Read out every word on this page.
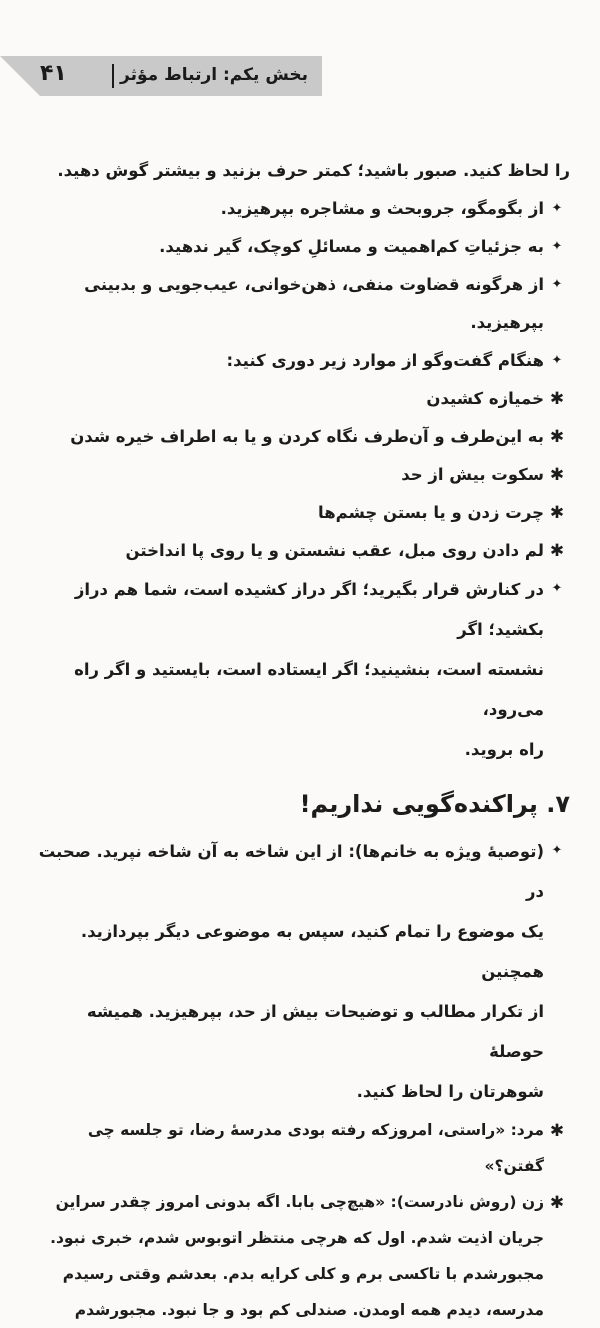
۴۱	بخش یکم: ارتباط مؤثر
را لحاظ کنید. صبور باشید؛ کمتر حرف بزنید و بیشتر گوش دهید.
✦
از بگومگو، جروبحث و مشاجره بپرهیزید.
✦
به جزئیاتِ کم‌اهمیت و مسائلِ کوچک، گیر ندهید.
✦
از هرگونه قضاوت منفی، ذهن‌خوانی، عیب‌جویی و بدبینی بپرهیزید.
✦
هنگام گفت‌وگو از موارد زیر دوری کنید:
✱
خمیازه کشیدن
✱
به این‌طرف و آن‌طرف نگاه کردن و یا به اطراف خیره شدن
✱
سکوت بیش از حد
✱
چرت زدن و یا بستن چشم‌ها
✱
لم دادن روی مبل، عقب نشستن و یا روی پا انداختن
✦
در کنارش قرار بگیرید؛ اگر دراز کشیده است، شما هم دراز بکشید؛ اگر
نشسته است، بنشینید؛ اگر ایستاده است، بایستید و اگر راه می‌رود،
راه بروید.
۷. پراکنده‌گویی نداریم!
✦
(توصیهٔ ویژه به خانم‌ها): از این شاخه به آن شاخه نپرید. صحبت در
یک موضوع را تمام کنید، سپس به موضوعی دیگر بپردازید. همچنین
از تکرار مطالب و توضیحات بیش از حد، بپرهیزید. همیشه حوصلهٔ
شوهرتان را لحاظ کنید.
✱
مرد: «راستی، امروزکه رفته بودی مدرسهٔ رضا، تو جلسه چی
گفتن؟»
✱
زن (روش نادرست): «هیچ‌چی بابا. اگه بدونی امروز چقدر سراین
جریان اذیت شدم. اول که هرچی منتظر اتوبوس شدم، خبری نبود.
مجبورشدم با تاکسی برم و کلی کرایه بدم. بعدشم وقتی رسیدم
مدرسه، دیدم همه اومدن. صندلی کم بود و جا نبود. مجبورشدم
